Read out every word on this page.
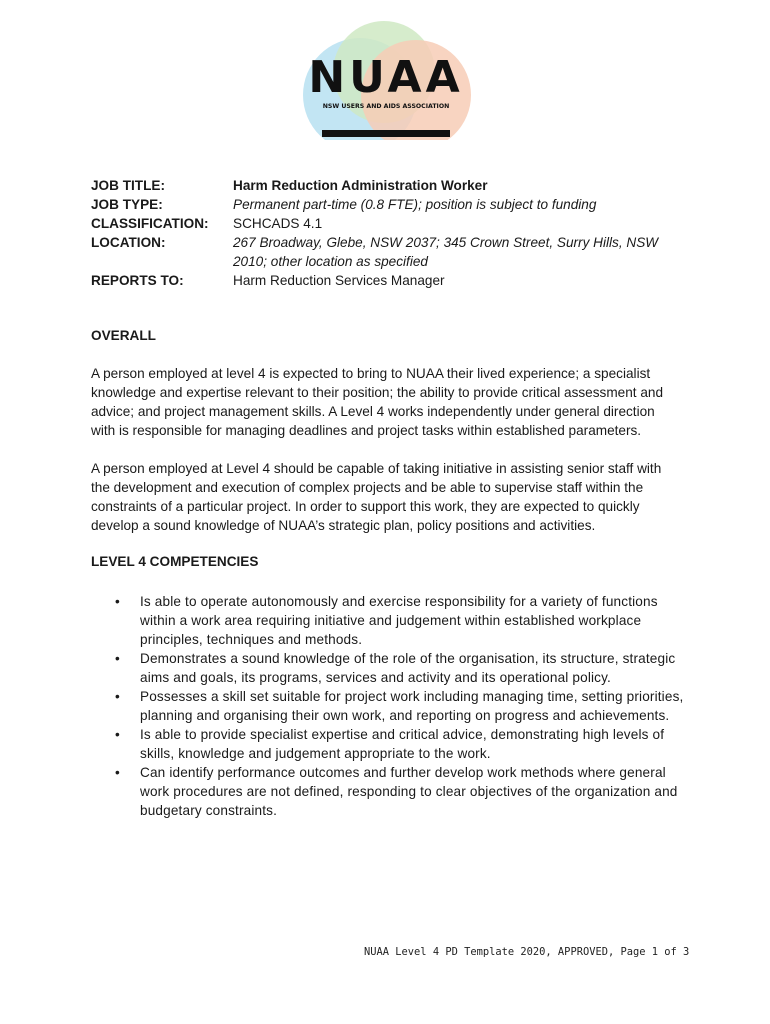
NUAA
NSW USERS AND AIDS ASSOCIATION
JOB TITLE:	Harm Reduction Administration Worker
JOB TYPE:	Permanent part-time (0.8 FTE); position is subject to funding
CLASSIFICATION:	SCHCADS 4.1
LOCATION:	267 Broadway, Glebe, NSW 2037; 345 Crown Street, Surry Hills, NSW 2010; other location as specified
REPORTS TO:	Harm Reduction Services Manager
OVERALL

A person employed at level 4 is expected to bring to NUAA their lived experience; a specialist knowledge and expertise relevant to their position; the ability to provide critical assessment and advice; and project management skills. A Level 4 works independently under general direction with is responsible for managing deadlines and project tasks within established parameters.

A person employed at Level 4 should be capable of taking initiative in assisting senior staff with the development and execution of complex projects and be able to supervise staff within the constraints of a particular project. In order to support this work, they are expected to quickly develop a sound knowledge of NUAA’s strategic plan, policy positions and activities.

LEVEL 4 COMPETENCIES
• Is able to operate autonomously and exercise responsibility for a variety of functions within a work area requiring initiative and judgement within established workplace principles, techniques and methods.
• Demonstrates a sound knowledge of the role of the organisation, its structure, strategic aims and goals, its programs, services and activity and its operational policy.
• Possesses a skill set suitable for project work including managing time, setting priorities, planning and organising their own work, and reporting on progress and achievements.
• Is able to provide specialist expertise and critical advice, demonstrating high levels of skills, knowledge and judgement appropriate to the work.
• Can identify performance outcomes and further develop work methods where general work procedures are not defined, responding to clear objectives of the organization and budgetary constraints.
NUAA Level 4 PD Template 2020, APPROVED, Page 1 of 3
